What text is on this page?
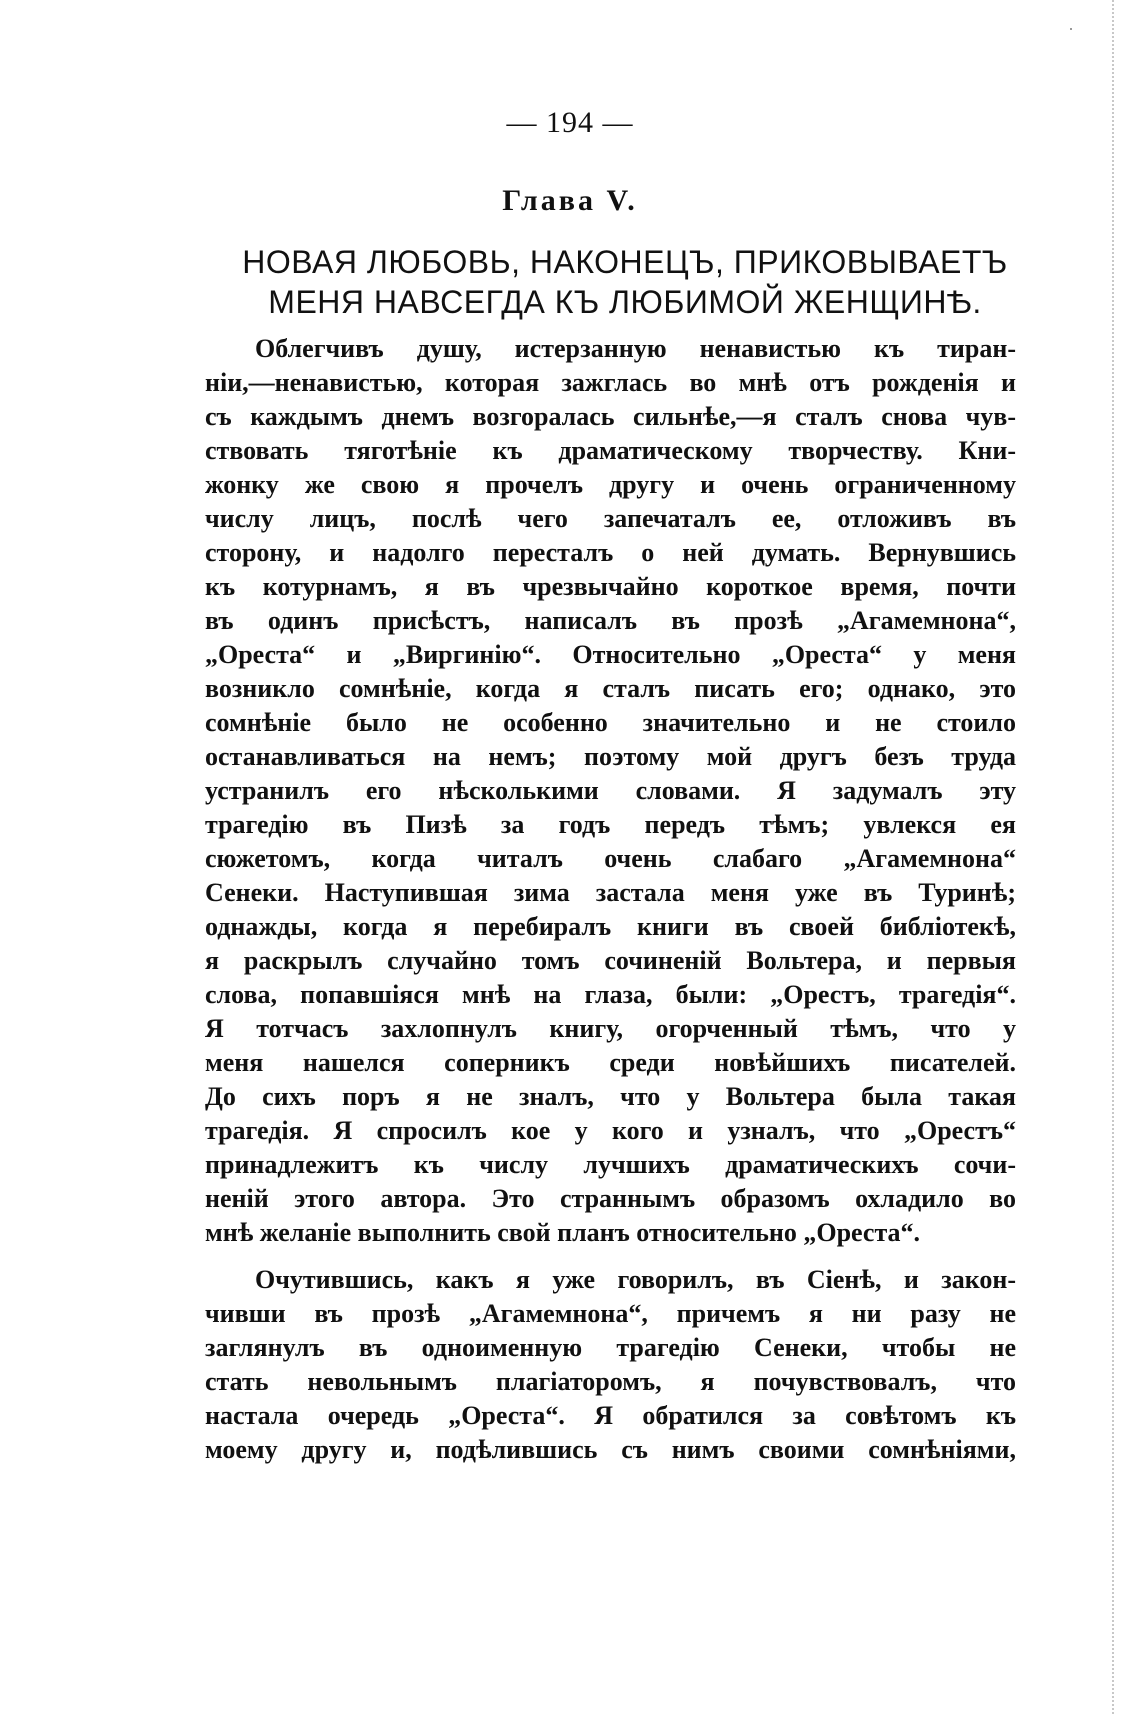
— 194 —
Глава V.
НОВАЯ ЛЮБОВЬ, НАКОНЕЦЪ, ПРИКОВЫВАЕТЪ
МЕНЯ НАВСЕГДА КЪ ЛЮБИМОЙ ЖЕНЩИНѢ.
Облегчивъ душу, истерзанную ненавистью къ тиран-
ніи,—ненавистью, которая зажглась во мнѣ отъ рожденія и
съ каждымъ днемъ возгоралась сильнѣе,—я сталъ снова чув-
ствовать тяготѣніе къ драматическому творчеству. Кни-
жонку же свою я прочелъ другу и очень ограниченному
числу лицъ, послѣ чего запечаталъ ее, отложивъ въ
сторону, и надолго пересталъ о ней думать. Вернувшись
къ котурнамъ, я въ чрезвычайно короткое время, почти
въ одинъ присѣстъ, написалъ въ прозѣ „Агамемнона“,
„Ореста“ и „Виргинію“. Относительно „Ореста“ у меня
возникло сомнѣніе, когда я сталъ писать его; однако, это
сомнѣніе было не особенно значительно и не стоило
останавливаться на немъ; поэтому мой другъ безъ труда
устранилъ его нѣсколькими словами. Я задумалъ эту
трагедію въ Пизѣ за годъ передъ тѣмъ; увлекся ея
сюжетомъ, когда читалъ очень слабаго „Агамемнона“
Сенеки. Наступившая зима застала меня уже въ Туринѣ;
однажды, когда я перебиралъ книги въ своей библіотекѣ,
я раскрылъ случайно томъ сочиненій Вольтера, и первыя
слова, попавшіяся мнѣ на глаза, были: „Орестъ, трагедія“.
Я тотчасъ захлопнулъ книгу, огорченный тѣмъ, что у
меня нашелся соперникъ среди новѣйшихъ писателей.
До сихъ поръ я не зналъ, что у Вольтера была такая
трагедія. Я спросилъ кое у кого и узналъ, что „Орестъ“
принадлежитъ къ числу лучшихъ драматическихъ сочи-
неній этого автора. Это страннымъ образомъ охладило во
мнѣ желаніе выполнить свой планъ относительно „Ореста“.
Очутившись, какъ я уже говорилъ, въ Сіенѣ, и закон-
чивши въ прозѣ „Агамемнона“, причемъ я ни разу не
заглянулъ въ одноименную трагедію Сенеки, чтобы не
стать невольнымъ плагіаторомъ, я почувствовалъ, что
настала очередь „Ореста“. Я обратился за совѣтомъ къ
моему другу и, подѣлившись съ нимъ своими сомнѣніями,
